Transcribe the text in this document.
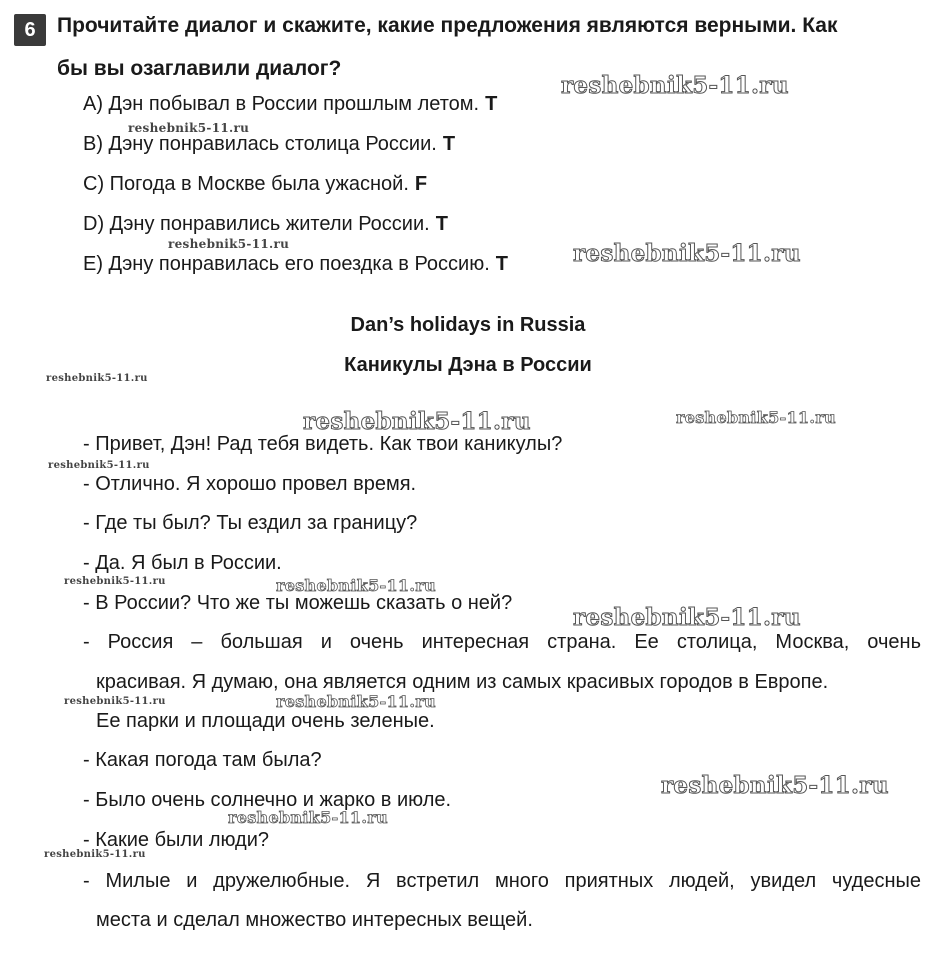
6	Прочитайте диалог и скажите, какие предложения являются верными. Как
бы вы озаглавили диалог?
A) Дэн побывал в России прошлым летом. T
B) Дэну понравилась столица России. T
C) Погода в Москве была ужасной. F
D) Дэну понравились жители России. T
E) Дэну понравилась его поездка в Россию. T
Dan’s holidays in Russia
Каникулы Дэна в России
- Привет, Дэн! Рад тебя видеть. Как твои каникулы?
- Отлично. Я хорошо провел время.
- Где ты был? Ты ездил за границу?
- Да. Я был в России.
- В России? Что же ты можешь сказать о ней?
- Россия – большая и очень интересная страна. Ее столица, Москва, очень
красивая. Я думаю, она является одним из самых красивых городов в Европе.
Ее парки и площади очень зеленые.
- Какая погода там была?
- Было очень солнечно и жарко в июле.
- Какие были люди?
- Милые и дружелюбные. Я встретил много приятных людей, увидел чудесные
места и сделал множество интересных вещей.
reshebnik5-11.ru
reshebnik5-11.ru
reshebnik5-11.ru	reshebnik5-11.ru
reshebnik5-11.ru
reshebnik5-11.ru	reshebnik5-11.ru
reshebnik5-11.ru
reshebnik5-11.ru	reshebnik5-11.ru
reshebnik5-11.ru
reshebnik5-11.ru
reshebnik5-11.ru
reshebnik5-11.ru
reshebnik5-11.ru
reshebnik5-11.ru
